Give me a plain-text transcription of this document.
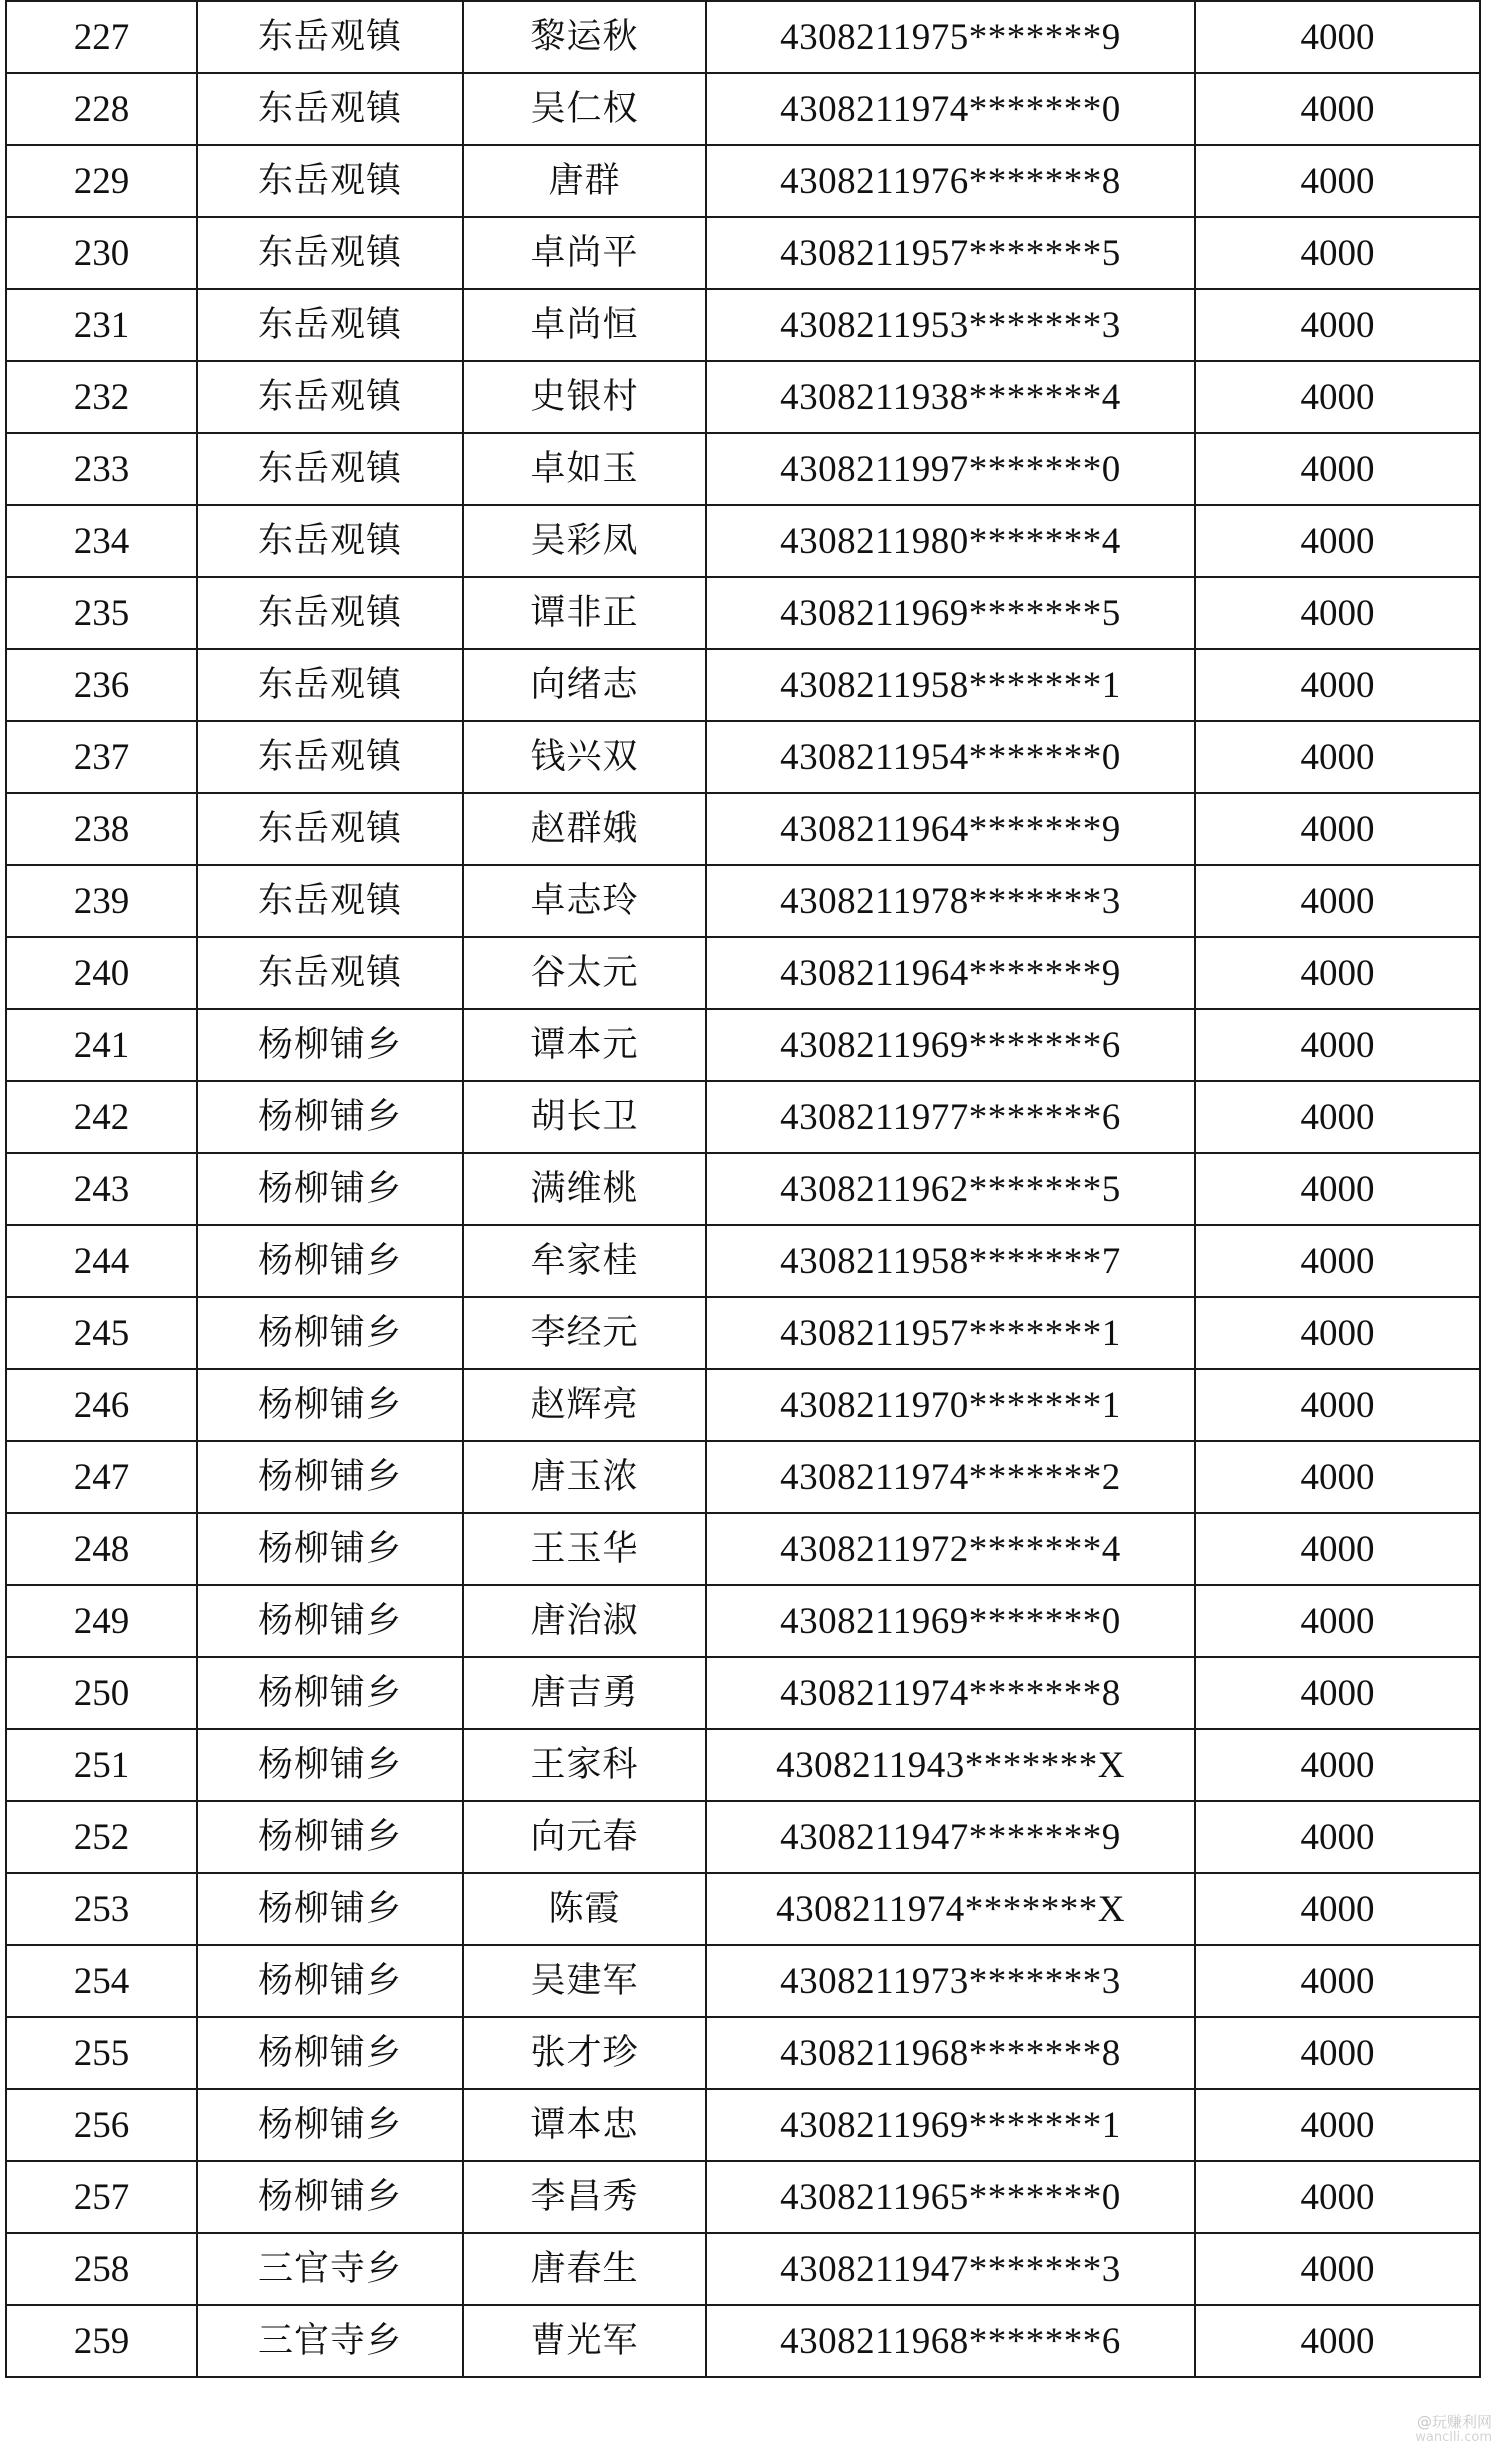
227	东岳观镇	黎运秋	4308211975*******9	4000
228	东岳观镇	吴仁权	4308211974*******0	4000
229	东岳观镇	唐群	4308211976*******8	4000
230	东岳观镇	卓尚平	4308211957*******5	4000
231	东岳观镇	卓尚恒	4308211953*******3	4000
232	东岳观镇	史银村	4308211938*******4	4000
233	东岳观镇	卓如玉	4308211997*******0	4000
234	东岳观镇	吴彩凤	4308211980*******4	4000
235	东岳观镇	谭非正	4308211969*******5	4000
236	东岳观镇	向绪志	4308211958*******1	4000
237	东岳观镇	钱兴双	4308211954*******0	4000
238	东岳观镇	赵群娥	4308211964*******9	4000
239	东岳观镇	卓志玲	4308211978*******3	4000
240	东岳观镇	谷太元	4308211964*******9	4000
241	杨柳铺乡	谭本元	4308211969*******6	4000
242	杨柳铺乡	胡长卫	4308211977*******6	4000
243	杨柳铺乡	满维桃	4308211962*******5	4000
244	杨柳铺乡	牟家桂	4308211958*******7	4000
245	杨柳铺乡	李经元	4308211957*******1	4000
246	杨柳铺乡	赵辉亮	4308211970*******1	4000
247	杨柳铺乡	唐玉浓	4308211974*******2	4000
248	杨柳铺乡	王玉华	4308211972*******4	4000
249	杨柳铺乡	唐治淑	4308211969*******0	4000
250	杨柳铺乡	唐吉勇	4308211974*******8	4000
251	杨柳铺乡	王家科	4308211943*******X	4000
252	杨柳铺乡	向元春	4308211947*******9	4000
253	杨柳铺乡	陈霞	4308211974*******X	4000
254	杨柳铺乡	吴建军	4308211973*******3	4000
255	杨柳铺乡	张才珍	4308211968*******8	4000
256	杨柳铺乡	谭本忠	4308211969*******1	4000
257	杨柳铺乡	李昌秀	4308211965*******0	4000
258	三官寺乡	唐春生	4308211947*******3	4000
259	三官寺乡	曹光军	4308211968*******6	4000
@玩赚利网
wanclli.com
